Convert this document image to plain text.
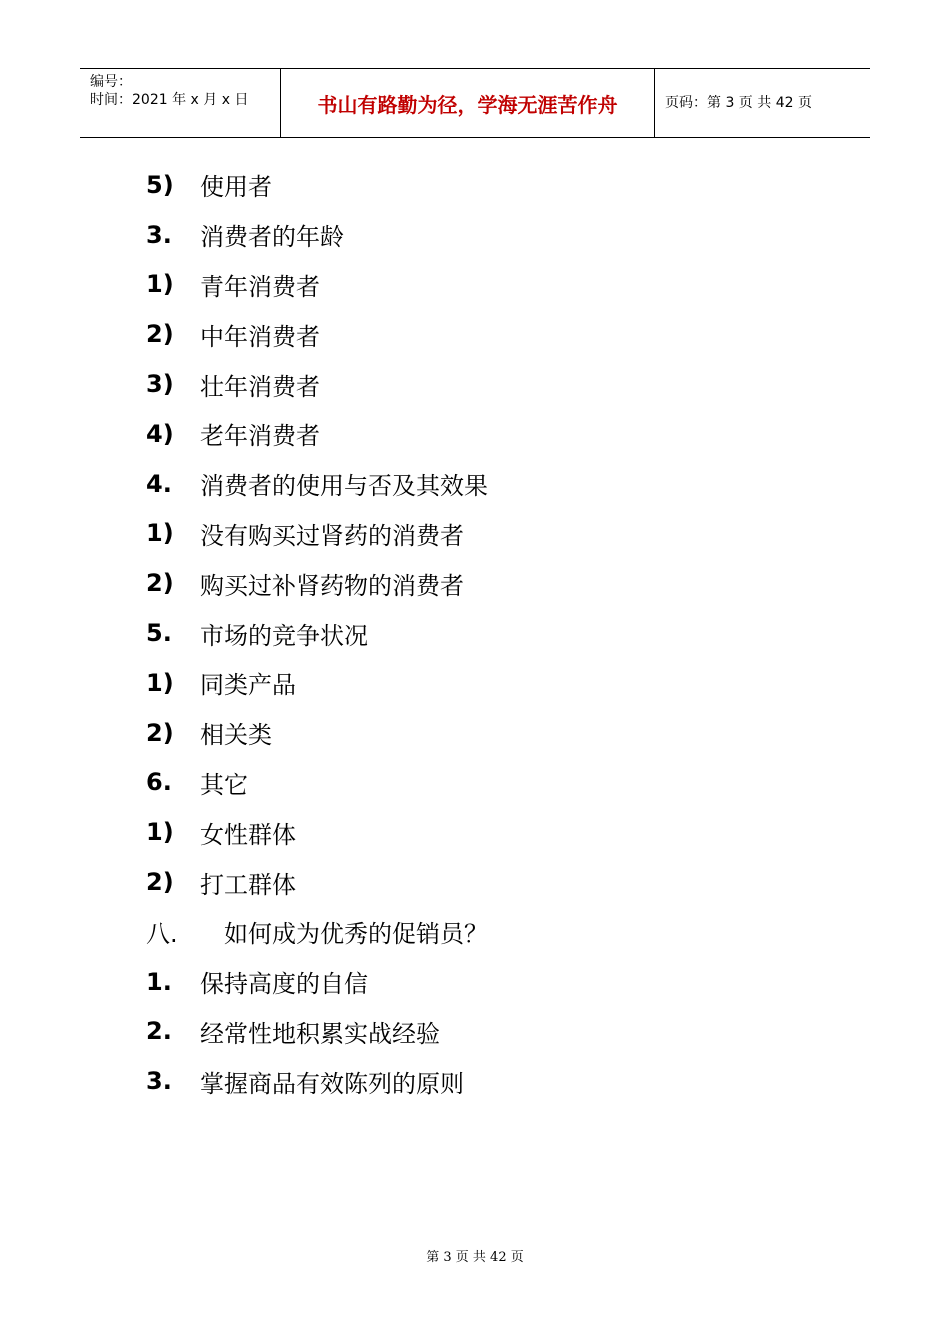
编号：
时间：2021 年 x 月 x 日	书山有路勤为径，学海无涯苦作舟	页码：第 3 页 共 42 页
5)	使用者
3.	消费者的年龄
1)	青年消费者
2)	中年消费者
3)	壮年消费者
4)	老年消费者
4.	消费者的使用与否及其效果
1)	没有购买过肾药的消费者
2)	购买过补肾药物的消费者
5.	市场的竞争状况
1)	同类产品
2)	相关类
6.	其它
1)	女性群体
2)	打工群体
八.	如何成为优秀的促销员？
1.	保持高度的自信
2.	经常性地积累实战经验
3.	掌握商品有效陈列的原则
第 3 页 共 42 页
